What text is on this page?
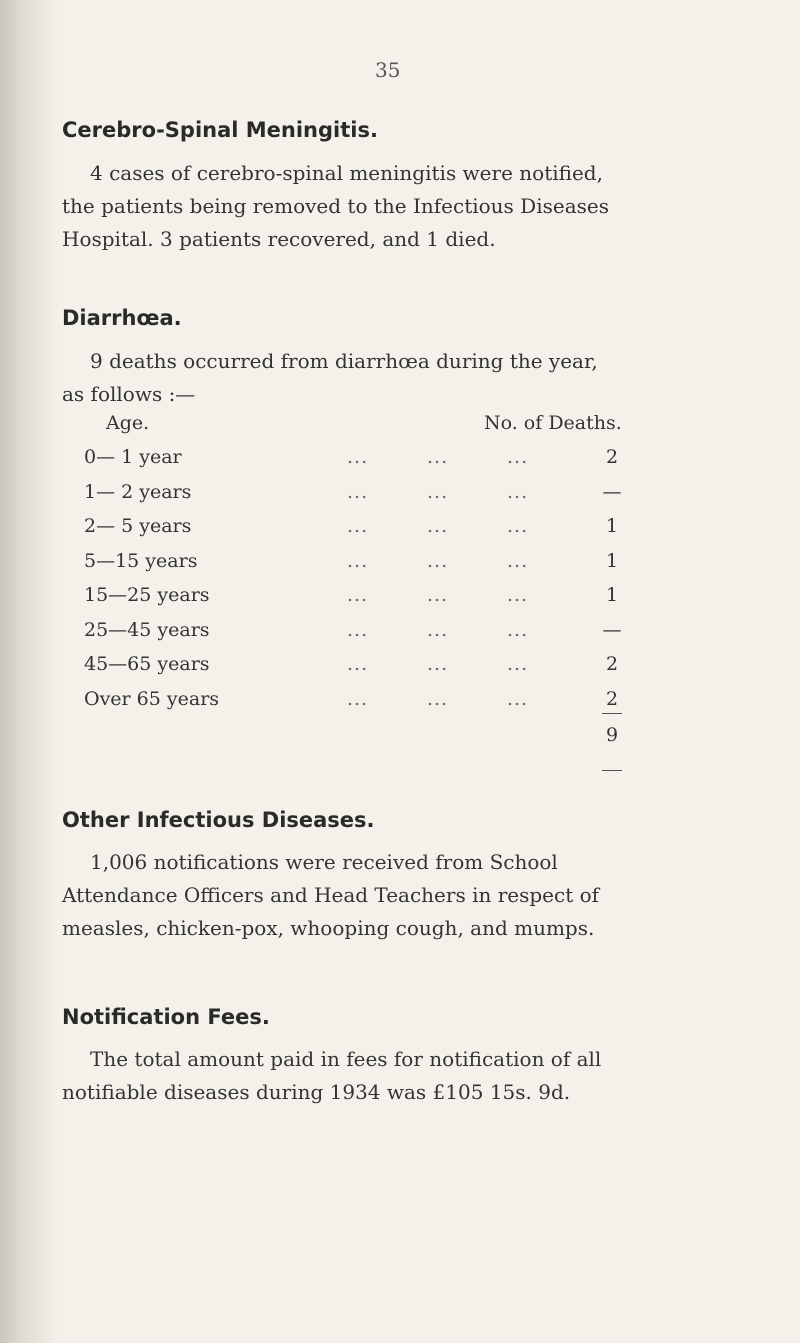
35
Cerebro-Spinal Meningitis.
4 cases of cerebro-spinal meningitis were notified,
the patients being removed to the Infectious Diseases
Hospital. 3 patients recovered, and 1 died.
Diarrhœa.
9 deaths occurred from diarrhœa during the year,
as follows :—
Age.	No. of Deaths.
0— 1 year	...	...	...	2
1— 2 years	...	...	...	—
2— 5 years	...	...	...	1
5—15 years	...	...	...	1
15—25 years	...	...	...	1
25—45 years	...	...	...	—
45—65 years	...	...	...	2
Over 65 years	...	...	...	2
9
Other Infectious Diseases.
1,006 notifications were received from School
Attendance Officers and Head Teachers in respect of
measles, chicken-pox, whooping cough, and mumps.
Notification Fees.
The total amount paid in fees for notification of all
notifiable diseases during 1934 was £105 15s. 9d.
